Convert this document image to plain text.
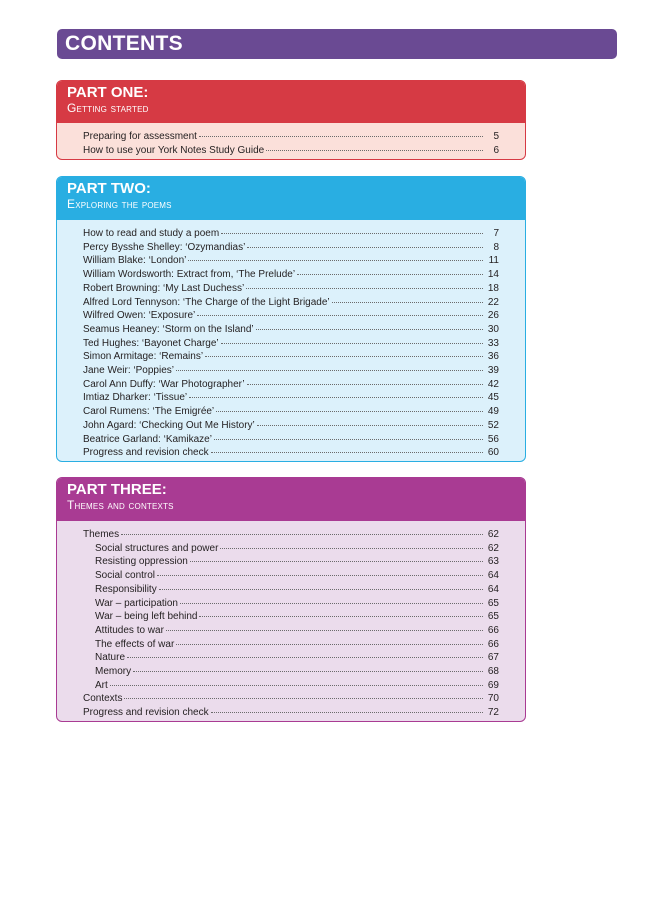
CONTENTS
PART ONE:
Getting started
Preparing for assessment	5
How to use your York Notes Study Guide	6
PART TWO:
Exploring the poems
How to read and study a poem	7
Percy Bysshe Shelley: ‘Ozymandias’	8
William Blake: ‘London’	11
William Wordsworth: Extract from, ‘The Prelude’	14
Robert Browning: ‘My Last Duchess’	18
Alfred Lord Tennyson: ‘The Charge of the Light Brigade’	22
Wilfred Owen: ‘Exposure’	26
Seamus Heaney: ‘Storm on the Island’	30
Ted Hughes: ‘Bayonet Charge’	33
Simon Armitage: ‘Remains’	36
Jane Weir: ‘Poppies’	39
Carol Ann Duffy: ‘War Photographer’	42
Imtiaz Dharker: ‘Tissue’	45
Carol Rumens: ‘The Emigrée’	49
John Agard: ‘Checking Out Me History’	52
Beatrice Garland: ‘Kamikaze’	56
Progress and revision check	60
PART THREE:
Themes and contexts
Themes	62
Social structures and power	62
Resisting oppression	63
Social control	64
Responsibility	64
War – participation	65
War – being left behind	65
Attitudes to war	66
The effects of war	66
Nature	67
Memory	68
Art	69
Contexts	70
Progress and revision check	72
